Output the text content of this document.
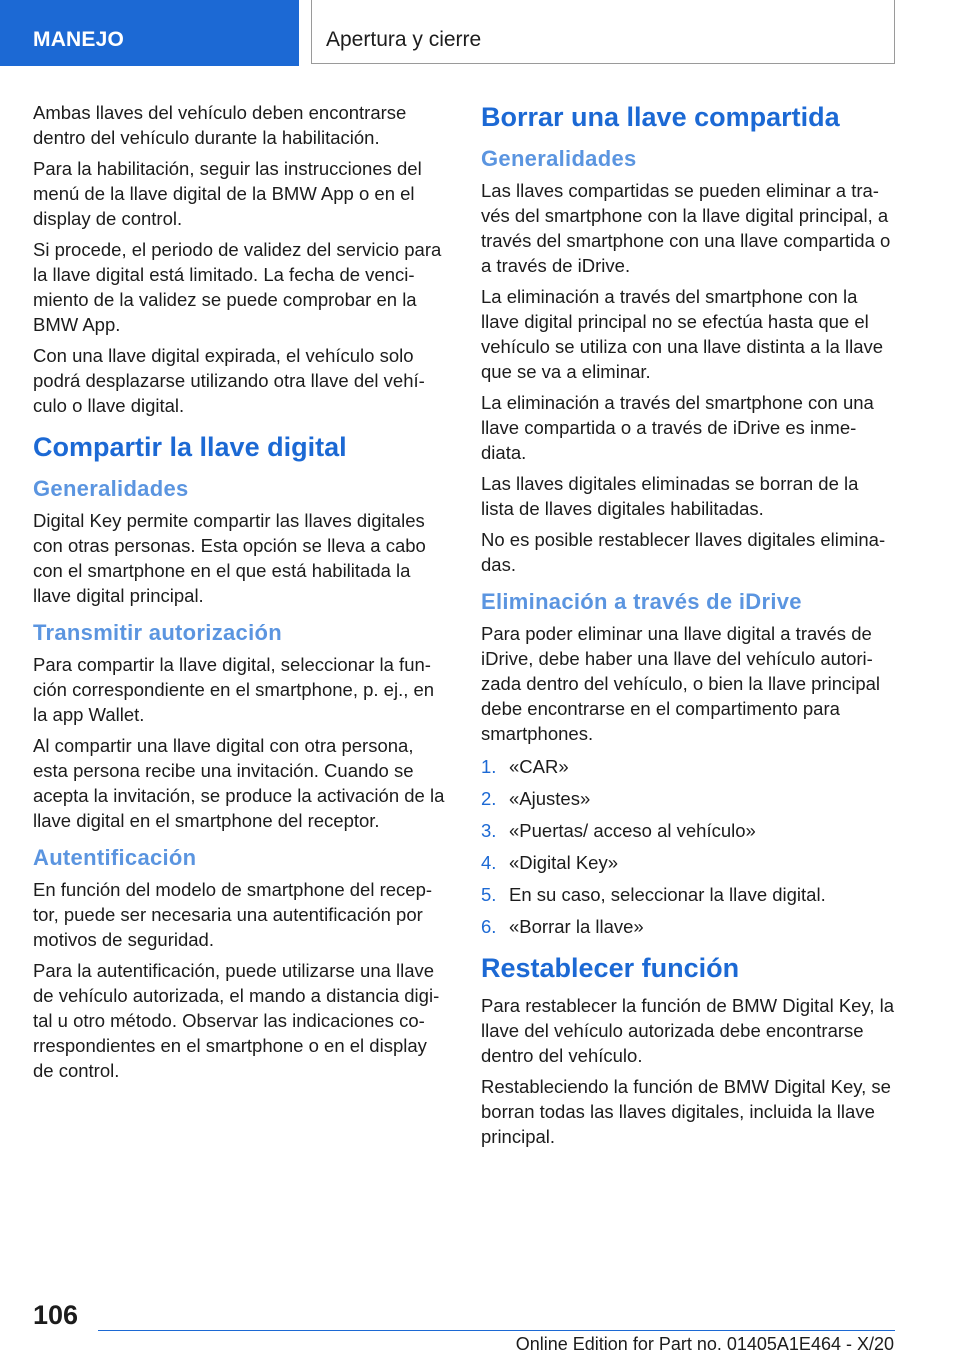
MANEJO	Apertura y cierre

Ambas llaves del vehículo deben encontrarse dentro del vehículo durante la habilitación.

Para la habilitación, seguir las instrucciones del menú de la llave digital de la BMW App o en el display de control.

Si procede, el periodo de validez del servicio para la llave digital está limitado. La fecha de venci-miento de la validez se puede comprobar en la BMW App.

Con una llave digital expirada, el vehículo solo podrá desplazarse utilizando otra llave del vehí-culo o llave digital.

Compartir la llave digital
Generalidades

Digital Key permite compartir las llaves digitales con otras personas. Esta opción se lleva a cabo con el smartphone en el que está habilitada la llave digital principal.

Transmitir autorización

Para compartir la llave digital, seleccionar la fun-ción correspondiente en el smartphone, p. ej., en la app Wallet.

Al compartir una llave digital con otra persona, esta persona recibe una invitación. Cuando se acepta la invitación, se produce la activación de la llave digital en el smartphone del receptor.

Autentificación

En función del modelo de smartphone del recep-tor, puede ser necesaria una autentificación por motivos de seguridad.

Para la autentificación, puede utilizarse una llave de vehículo autorizada, el mando a distancia digi-tal u otro método. Observar las indicaciones co-rrespondientes en el smartphone o en el display de control.

Borrar una llave compartida
Generalidades

Las llaves compartidas se pueden eliminar a tra-vés del smartphone con la llave digital principal, a través del smartphone con una llave compartida o a través de iDrive.

La eliminación a través del smartphone con la llave digital principal no se efectúa hasta que el vehículo se utiliza con una llave distinta a la llave que se va a eliminar.

La eliminación a través del smartphone con una llave compartida o a través de iDrive es inme-diata.

Las llaves digitales eliminadas se borran de la lista de llaves digitales habilitadas.

No es posible restablecer llaves digitales elimina-das.

Eliminación a través de iDrive

Para poder eliminar una llave digital a través de iDrive, debe haber una llave del vehículo autori-zada dentro del vehículo, o bien la llave principal debe encontrarse en el compartimento para smartphones.

1. «CAR»
2. «Ajustes»
3. «Puertas/ acceso al vehículo»
4. «Digital Key»
5. En su caso, seleccionar la llave digital.
6. «Borrar la llave»
Restablecer función

Para restablecer la función de BMW Digital Key, la llave del vehículo autorizada debe encontrarse dentro del vehículo.

Restableciendo la función de BMW Digital Key, se borran todas las llaves digitales, incluida la llave principal.

106
Online Edition for Part no. 01405A1E464 - X/20
